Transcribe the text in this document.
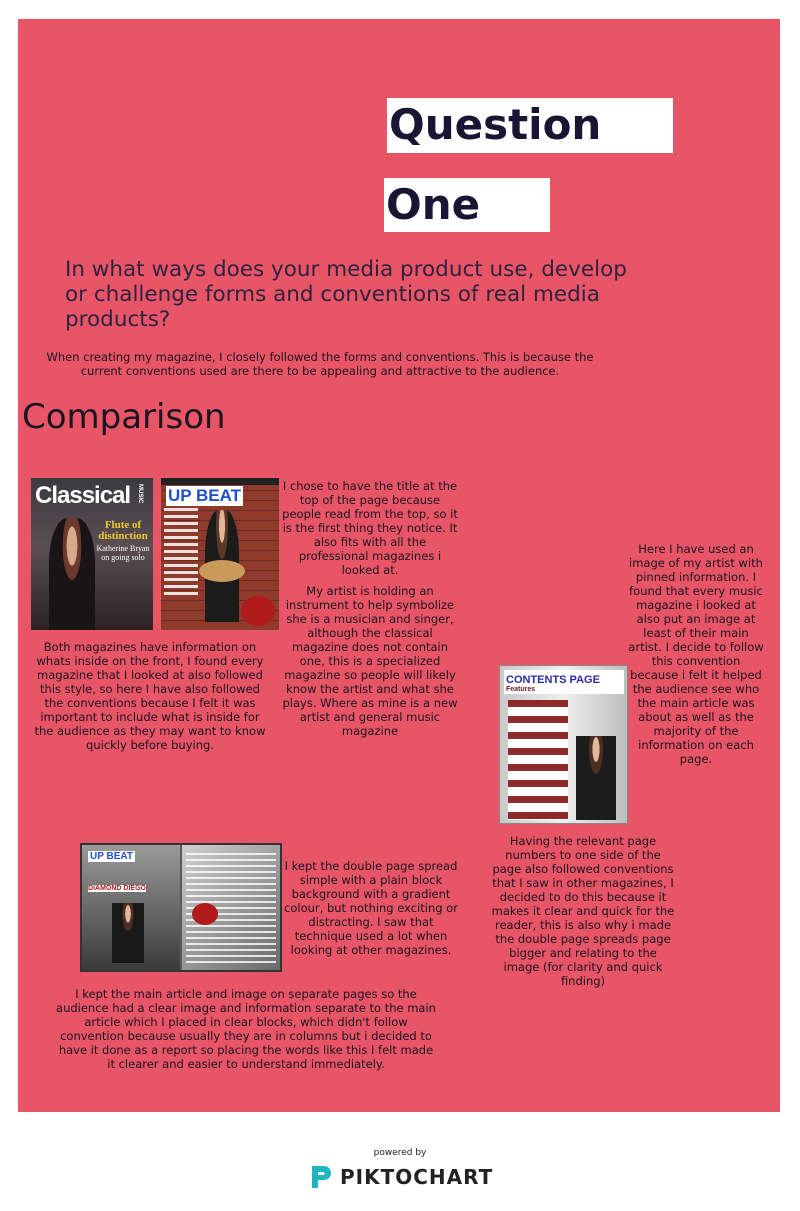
Question
One
In what ways does your media product use, develop or challenge forms and conventions of real media products?
When creating my magazine, I closely followed the forms and conventions. This is because the current conventions used are there to be appealing and attractive to the audience.
Comparison
Classical MUSIC
Flute of distinction
Katherine Bryan on going solo
UP BEAT	I chose to have the title at the top of the page because people read from the top, so it is the first thing they notice. It also fits with all the professional magazines i looked at.
My artist is holding an instrument to help symbolize she is a musician and singer, although the classical magazine does not contain one, this is a specialized magazine so people will likely know the artist and what she plays. Where as mine is a new artist and general music magazine
Both magazines have information on whats inside on the front, I found every magazine that I looked at also followed this style, so here I have also followed the conventions because I felt it was important to include what is inside for the audience as they may want to know quickly before buying.
CONTENTS PAGE
Features
Here I have used an image of my artist with pinned information. I found that every music magazine i looked at also put an image at least of their main artist. I decide to follow this convention because i felt it helped the audience see who the main article was about as well as the majority of the information on each page.
Having the relevant page numbers to one side of the page also followed conventions that I saw in other magazines, I decided to do this because it makes it clear and quick for the reader, this is also why i made the double page spreads page bigger and relating to the image (for clarity and quick finding)
UP BEAT
DIAMOND DIEGO
I kept the double page spread simple with a plain block background with a gradient colour, but nothing exciting or distracting. I saw that technique used a lot when looking at other magazines.
I kept the main article and image on separate pages so the audience had a clear image and information separate to the main article which I placed in clear blocks, which didn't follow convention because usually they are in columns but i decided to have it done as a report so placing the words like this I felt made it clearer and easier to understand immediately.
powered by
PIKTOCHART
